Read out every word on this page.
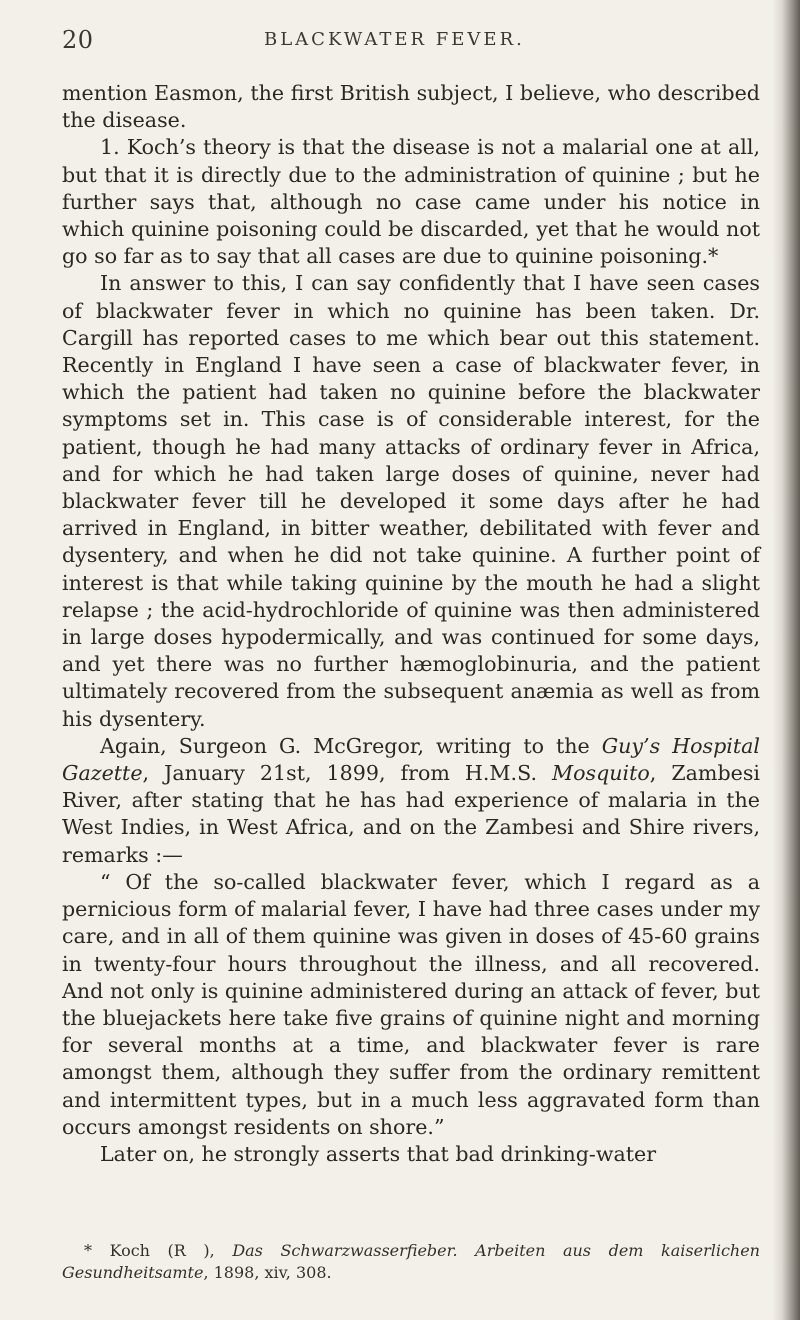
20	BLACKWATER FEVER.

mention Easmon, the first British subject, I believe, who described the disease.

1. Koch’s theory is that the disease is not a malarial one at all, but that it is directly due to the administration of quinine ; but he further says that, although no case came under his notice in which quinine poisoning could be discarded, yet that he would not go so far as to say that all cases are due to quinine poisoning.*

In answer to this, I can say confidently that I have seen cases of blackwater fever in which no quinine has been taken. Dr. Cargill has reported cases to me which bear out this statement. Recently in England I have seen a case of blackwater fever, in which the patient had taken no quinine before the blackwater symptoms set in. This case is of considerable interest, for the patient, though he had many attacks of ordinary fever in Africa, and for which he had taken large doses of quinine, never had blackwater fever till he developed it some days after he had arrived in England, in bitter weather, debilitated with fever and dysentery, and when he did not take quinine. A further point of interest is that while taking quinine by the mouth he had a slight relapse ; the acid-hydrochloride of quinine was then administered in large doses hypodermically, and was continued for some days, and yet there was no further hæmoglobinuria, and the patient ultimately recovered from the subsequent anæmia as well as from his dysentery.

Again, Surgeon G. McGregor, writing to the Guy’s Hospital Gazette, January 21st, 1899, from H.M.S. Mosquito, Zambesi River, after stating that he has had experience of malaria in the West Indies, in West Africa, and on the Zambesi and Shire rivers, remarks :—

“ Of the so-called blackwater fever, which I regard as a pernicious form of malarial fever, I have had three cases under my care, and in all of them quinine was given in doses of 45-60 grains in twenty-four hours throughout the illness, and all recovered. And not only is quinine administered during an attack of fever, but the bluejackets here take five grains of quinine night and morning for several months at a time, and blackwater fever is rare amongst them, although they suffer from the ordinary remittent and intermittent types, but in a much less aggravated form than occurs amongst residents on shore.”

Later on, he strongly asserts that bad drinking-water

* Koch (R ), Das Schwarzwasserfieber. Arbeiten aus dem kaiserlichen Gesundheitsamte, 1898, xiv, 308.
